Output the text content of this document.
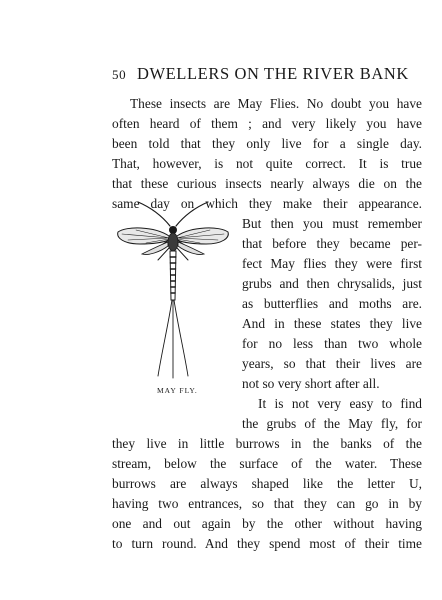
50 DWELLERS ON THE RIVER BANK
These insects are May Flies. No doubt you have
often heard of them ; and very likely you have
been told that they only live for a single day.
That, however, is not quite correct. It is true
that these curious insects nearly always die on the
same day on which they make their appearance.
But then you must remember
that before they became per-
fect May flies they were first
grubs and then chrysalids, just
as butterflies and moths are.
And in these states they live
for no less than two whole
years, so that their lives are
not so very short after all.
It is not very easy to find
the grubs of the May fly, for
they live in little burrows in the banks of the
stream, below the surface of the water. These
burrows are always shaped like the letter U,
having two entrances, so that they can go in by
one and out again by the other without having
to turn round. And they spend most of their time
MAY FLY.
